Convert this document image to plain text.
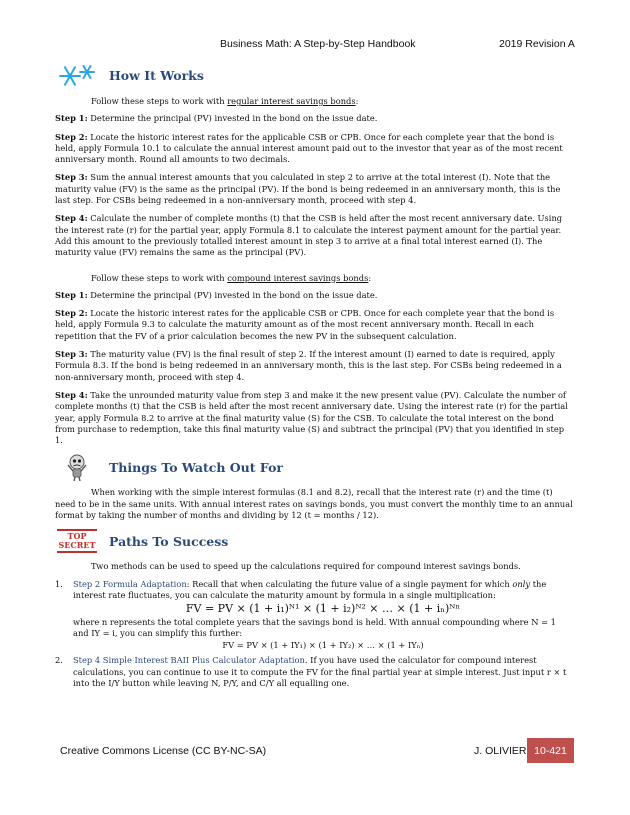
Business Math: A Step-by-Step Handbook	2019 Revision A
How It Works

Follow these steps to work with regular interest savings bonds:

Step 1: Determine the principal (PV) invested in the bond on the issue date.

Step 2: Locate the historic interest rates for the applicable CSB or CPB. Once for each complete year that the bond is held, apply Formula 10.1 to calculate the annual interest amount paid out to the investor that year as of the most recent anniversary month. Round all amounts to two decimals.

Step 3: Sum the annual interest amounts that you calculated in step 2 to arrive at the total interest (I). Note that the maturity value (FV) is the same as the principal (PV). If the bond is being redeemed in an anniversary month, this is the last step. For CSBs being redeemed in a non-anniversary month, proceed with step 4.

Step 4: Calculate the number of complete months (t) that the CSB is held after the most recent anniversary date. Using the interest rate (r) for the partial year, apply Formula 8.1 to calculate the interest payment amount for the partial year. Add this amount to the previously totalled interest amount in step 3 to arrive at a final total interest earned (I). The maturity value (FV) remains the same as the principal (PV).

Follow these steps to work with compound interest savings bonds:

Step 1: Determine the principal (PV) invested in the bond on the issue date.

Step 2: Locate the historic interest rates for the applicable CSB or CPB. Once for each complete year that the bond is held, apply Formula 9.3 to calculate the maturity amount as of the most recent anniversary month. Recall in each repetition that the FV of a prior calculation becomes the new PV in the subsequent calculation.

Step 3: The maturity value (FV) is the final result of step 2. If the interest amount (I) earned to date is required, apply Formula 8.3. If the bond is being redeemed in an anniversary month, this is the last step. For CSBs being redeemed in a non-anniversary month, proceed with step 4.

Step 4: Take the unrounded maturity value from step 3 and make it the new present value (PV). Calculate the number of complete months (t) that the CSB is held after the most recent anniversary date. Using the interest rate (r) for the partial year, apply Formula 8.2 to arrive at the final maturity value (S) for the CSB. To calculate the total interest on the bond from purchase to redemption, take this final maturity value (S) and subtract the principal (PV) that you identified in step 1.

Things To Watch Out For

When working with the simple interest formulas (8.1 and 8.2), recall that the interest rate (r) and the time (t) need to be in the same units. With annual interest rates on savings bonds, you must convert the monthly time to an annual format by taking the number of months and dividing by 12 (t = months / 12).

TOP
SECRET Paths To Success

Two methods can be used to speed up the calculations required for compound interest savings bonds.

1. Step 2 Formula Adaptation: Recall that when calculating the future value of a single payment for which only the interest rate fluctuates, you can calculate the maturity amount by formula in a single multiplication:
FV = PV × (1 + i₁)ᴺ¹ × (1 + i₂)ᴺ² × … × (1 + iₙ)ᴺⁿ
where n represents the total complete years that the savings bond is held. With annual compounding where N = 1 and IY = i, you can simplify this further:
FV = PV × (1 + IY₁) × (1 + IY₂) × … × (1 + IYₙ)
2. Step 4 Simple Interest BAII Plus Calculator Adaptation. If you have used the calculator for compound interest calculations, you can continue to use it to compute the FV for the final partial year at simple interest. Just input r × t into the I/Y button while leaving N, P/Y, and C/Y all equalling one.
Creative Commons License (CC BY-NC-SA)	J. OLIVIER 10-421
